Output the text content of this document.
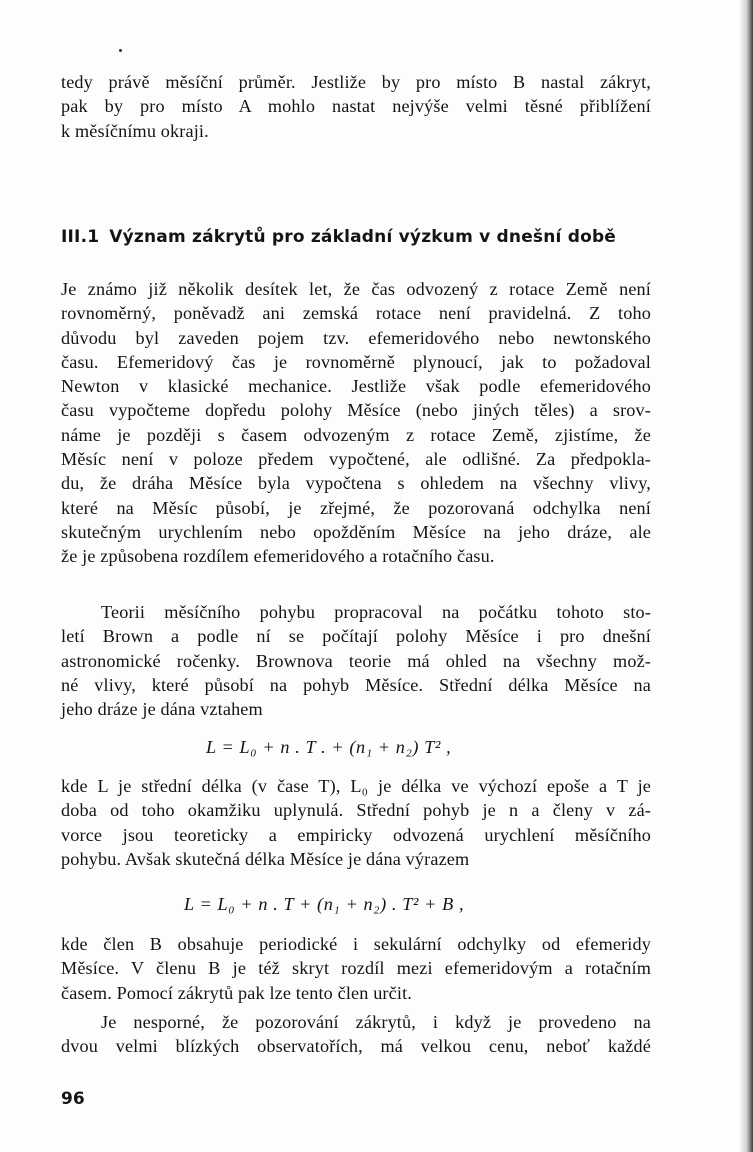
tedy právě měsíční průměr. Jestliže by pro místo B nastal zákryt,
pak by pro místo A mohlo nastat nejvýše velmi těsné přiblížení
k měsíčnímu okraji.
III.1 Význam zákrytů pro základní výzkum v dnešní době
Je známo již několik desítek let, že čas odvozený z rotace Země není
rovnoměrný, poněvadž ani zemská rotace není pravidelná. Z toho
důvodu byl zaveden pojem tzv. efemeridového nebo newtonského
času. Efemeridový čas je rovnoměrně plynoucí, jak to požadoval
Newton v klasické mechanice. Jestliže však podle efemeridového
času vypočteme dopředu polohy Měsíce (nebo jiných těles) a srov-
náme je později s časem odvozeným z rotace Země, zjistíme, že
Měsíc není v poloze předem vypočtené, ale odlišné. Za předpokla-
du, že dráha Měsíce byla vypočtena s ohledem na všechny vlivy,
které na Měsíc působí, je zřejmé, že pozorovaná odchylka není
skutečným urychlením nebo opožděním Měsíce na jeho dráze, ale
že je způsobena rozdílem efemeridového a rotačního času.
Teorii měsíčního pohybu propracoval na počátku tohoto sto-
letí Brown a podle ní se počítají polohy Měsíce i pro dnešní
astronomické ročenky. Brownova teorie má ohled na všechny mož-
né vlivy, které působí na pohyb Měsíce. Střední délka Měsíce na
jeho dráze je dána vztahem
L = L₀ + n . T . + (n₁ + n₂) T² ,
kde L je střední délka (v čase T), L₀ je délka ve výchozí epoše a T je
doba od toho okamžiku uplynulá. Střední pohyb je n a členy v zá-
vorce jsou teoreticky a empiricky odvozená urychlení měsíčního
pohybu. Avšak skutečná délka Měsíce je dána výrazem
L = L₀ + n . T + (n₁ + n₂) . T² + B ,
kde člen B obsahuje periodické i sekulární odchylky od efemeridy
Měsíce. V členu B je též skryt rozdíl mezi efemeridovým a rotačním
časem. Pomocí zákrytů pak lze tento člen určit.
Je nesporné, že pozorování zákrytů, i když je provedeno na
dvou velmi blízkých observatořích, má velkou cenu, neboť každé
96
